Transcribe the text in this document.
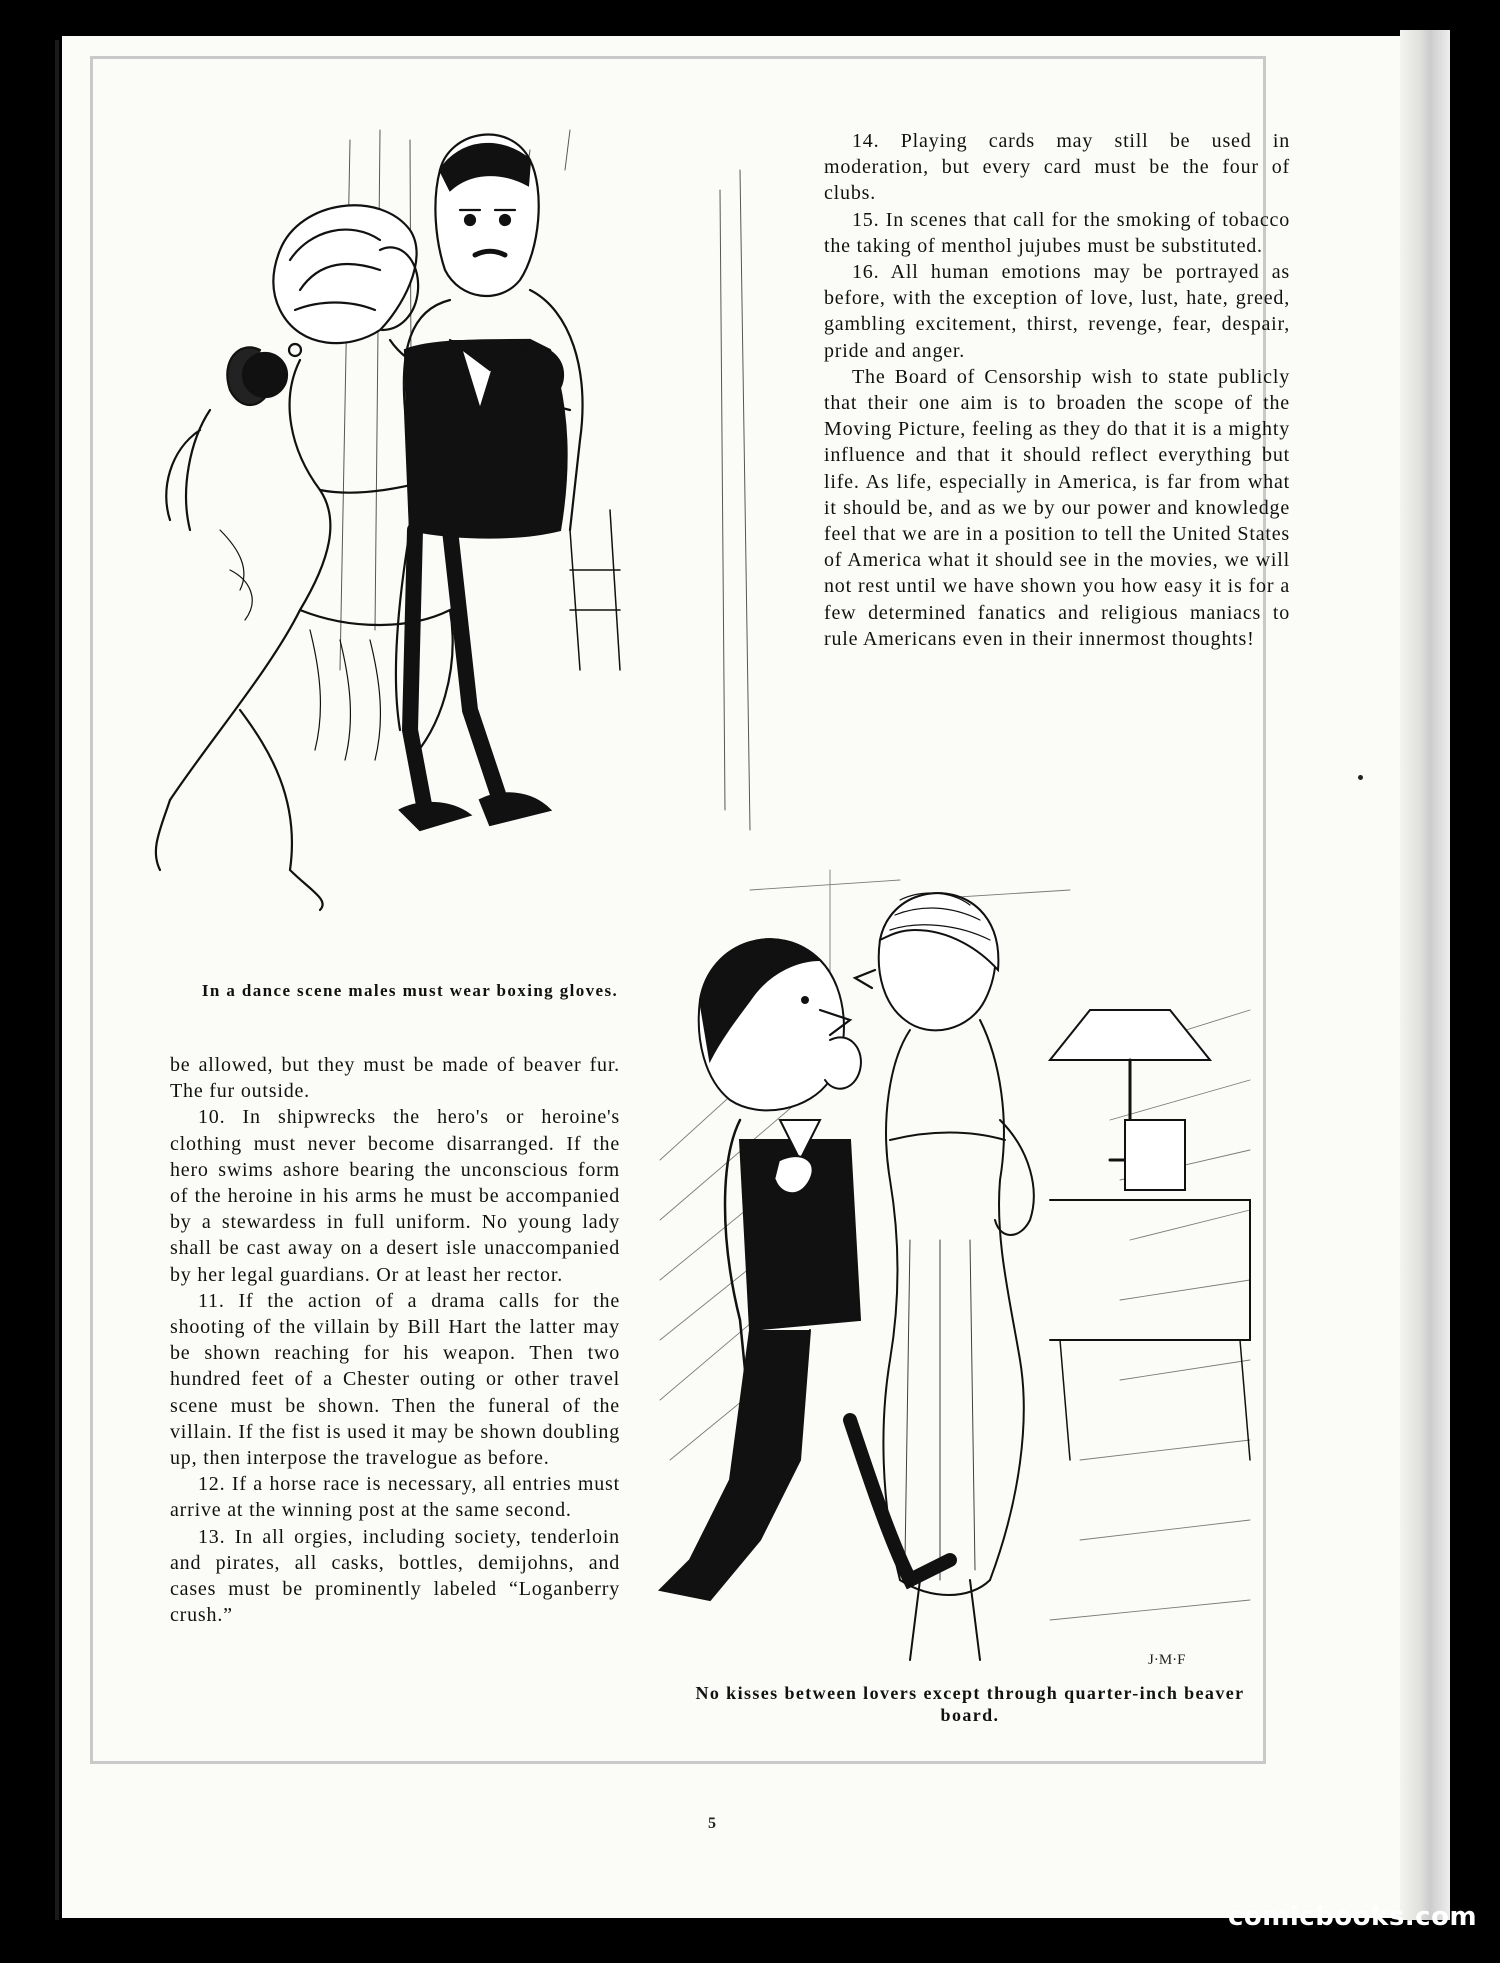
In a dance scene males must wear boxing gloves.

14. Playing cards may still be used in moderation, but every card must be the four of clubs.

15. In scenes that call for the smoking of tobacco the taking of menthol jujubes must be substituted.

16. All human emotions may be portrayed as before, with the exception of love, lust, hate, greed, gambling excitement, thirst, revenge, fear, despair, pride and anger.

The Board of Censorship wish to state publicly that their one aim is to broaden the scope of the Moving Picture, feeling as they do that it is a mighty influence and that it should reflect everything but life. As life, especially in America, is far from what it should be, and as we by our power and knowledge feel that we are in a position to tell the United States of America what it should see in the movies, we will not rest until we have shown you how easy it is for a few determined fanatics and religious maniacs to rule Americans even in their innermost thoughts!

be allowed, but they must be made of beaver fur. The fur outside.

10. In shipwrecks the hero's or heroine's clothing must never become disarranged. If the hero swims ashore bearing the unconscious form of the heroine in his arms he must be accompanied by a stewardess in full uniform. No young lady shall be cast away on a desert isle unaccompanied by her legal guardians. Or at least her rector.

11. If the action of a drama calls for the shooting of the villain by Bill Hart the latter may be shown reaching for his weapon. Then two hundred feet of a Chester outing or other travel scene must be shown. Then the funeral of the villain. If the fist is used it may be shown doubling up, then interpose the travelogue as before.

12. If a horse race is necessary, all entries must arrive at the winning post at the same second.

13. In all orgies, including society, tenderloin and pirates, all casks, bottles, demijohns, and cases must be prominently labeled “Loganberry crush.”

No kisses between lovers except through quarter-inch beaver board.
J·M·F
5
comicbooks.com
